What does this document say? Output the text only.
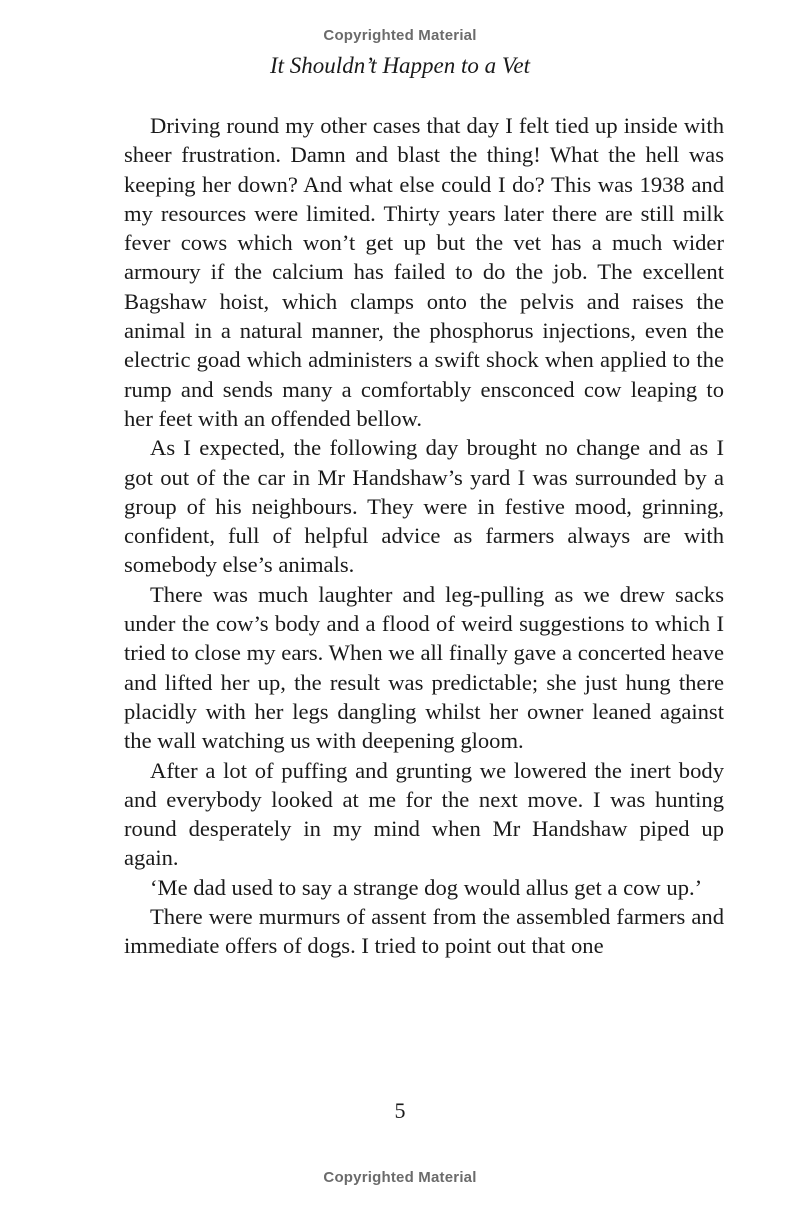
Copyrighted Material
It Shouldn’t Happen to a Vet

Driving round my other cases that day I felt tied up inside with sheer frustration. Damn and blast the thing! What the hell was keeping her down? And what else could I do? This was 1938 and my resources were limited. Thirty years later there are still milk fever cows which won’t get up but the vet has a much wider armoury if the calcium has failed to do the job. The excellent Bagshaw hoist, which clamps onto the pelvis and raises the animal in a natural manner, the phosphorus injections, even the electric goad which administers a swift shock when applied to the rump and sends many a comfortably ensconced cow leaping to her feet with an offended bellow.

As I expected, the following day brought no change and as I got out of the car in Mr Handshaw’s yard I was surrounded by a group of his neighbours. They were in festive mood, grinning, confident, full of helpful advice as farmers always are with somebody else’s animals.

There was much laughter and leg-pulling as we drew sacks under the cow’s body and a flood of weird suggestions to which I tried to close my ears. When we all finally gave a concerted heave and lifted her up, the result was predictable; she just hung there placidly with her legs dangling whilst her owner leaned against the wall watching us with deepening gloom.

After a lot of puffing and grunting we lowered the inert body and everybody looked at me for the next move. I was hunting round desperately in my mind when Mr Handshaw piped up again.

‘Me dad used to say a strange dog would allus get a cow up.’

There were murmurs of assent from the assembled farmers and immediate offers of dogs. I tried to point out that one

5
Copyrighted Material
